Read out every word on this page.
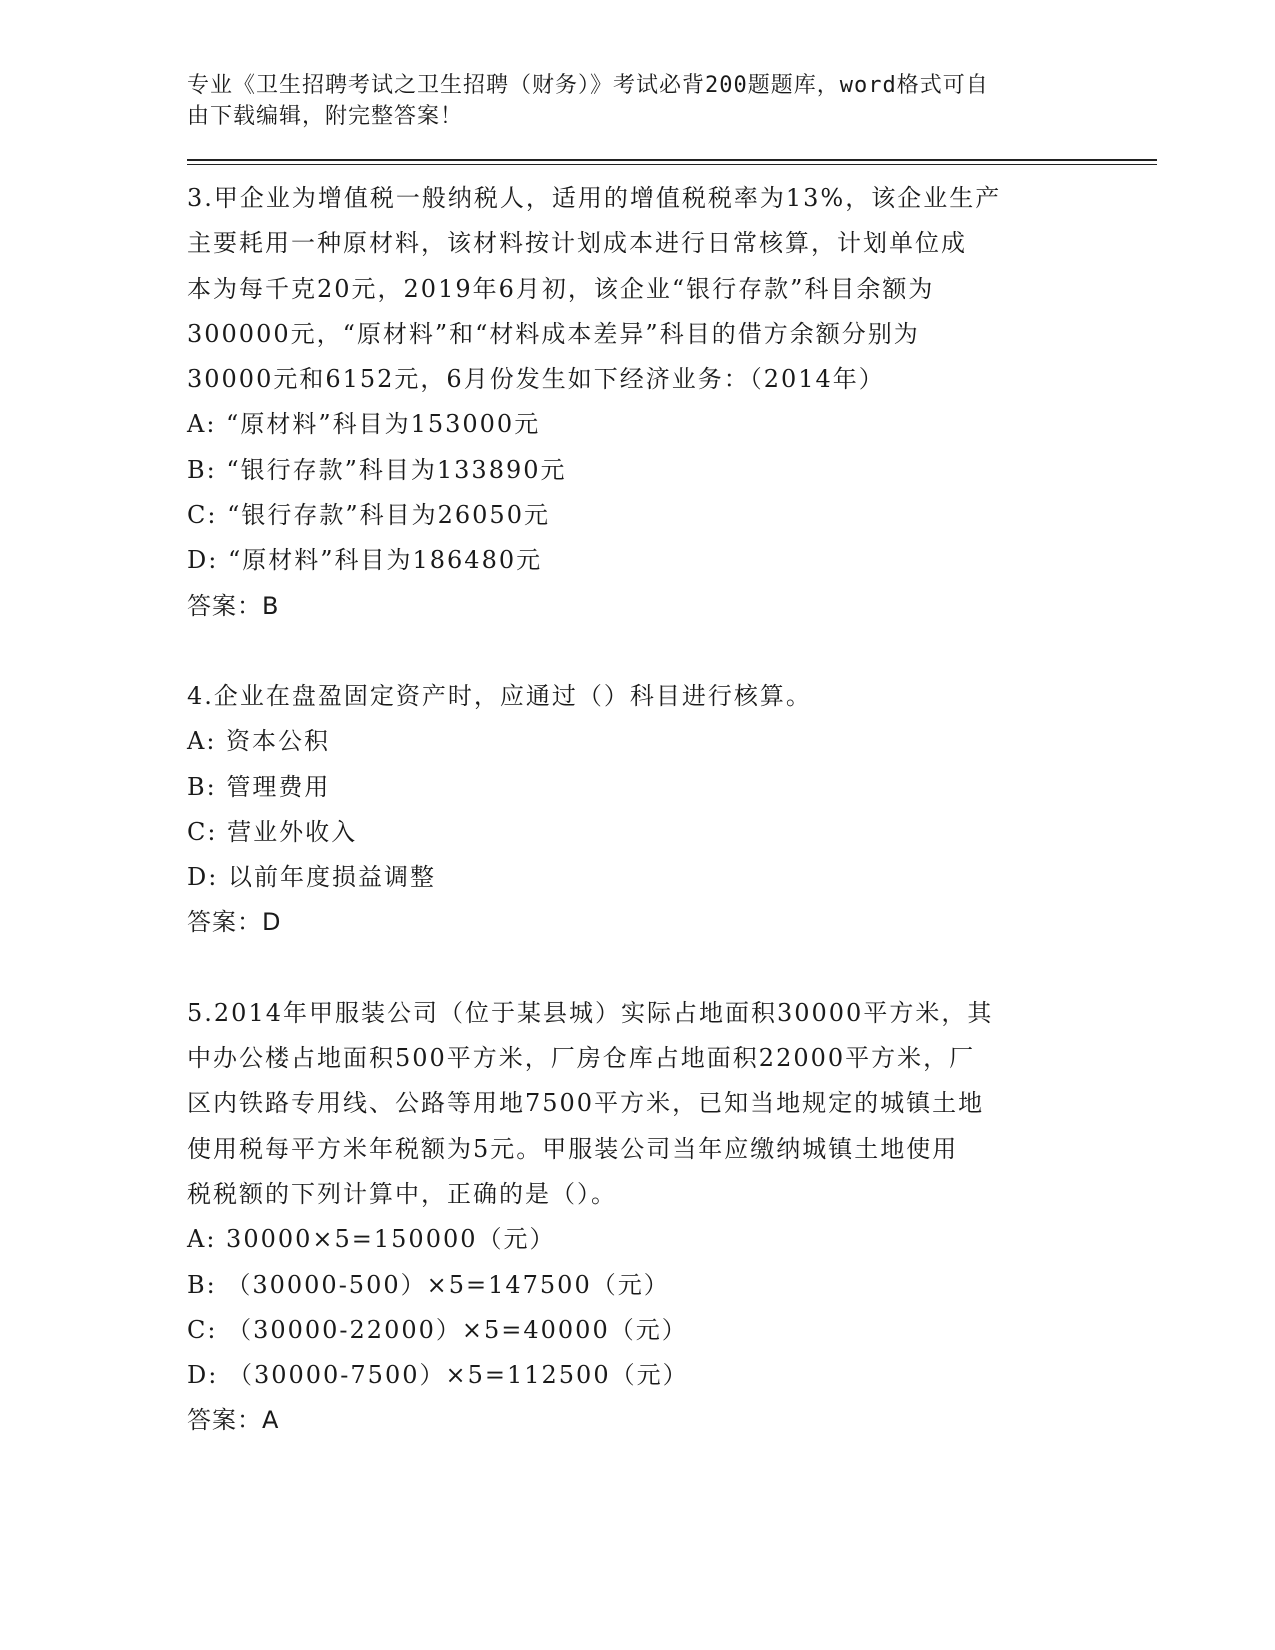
专业《卫生招聘考试之卫生招聘（财务）》考试必背200题题库，word格式可自
由下载编辑，附完整答案！
3.甲企业为增值税一般纳税人，适用的增值税税率为13%，该企业生产
主要耗用一种原材料，该材料按计划成本进行日常核算，计划单位成
本为每千克20元，2019年6月初，该企业“银行存款”科目余额为
300000元，“原材料”和“材料成本差异”科目的借方余额分别为
30000元和6152元，6月份发生如下经济业务：（2014年）
A: “原材料”科目为153000元
B: “银行存款”科目为133890元
C: “银行存款”科目为26050元
D: “原材料”科目为186480元
答案：B
4.企业在盘盈固定资产时，应通过（）科目进行核算。
A: 资本公积
B: 管理费用
C: 营业外收入
D: 以前年度损益调整
答案：D
5.2014年甲服装公司（位于某县城）实际占地面积30000平方米，其
中办公楼占地面积500平方米，厂房仓库占地面积22000平方米，厂
区内铁路专用线、公路等用地7500平方米，已知当地规定的城镇土地
使用税每平方米年税额为5元。甲服装公司当年应缴纳城镇土地使用
税税额的下列计算中，正确的是（）。
A: 30000×5=150000（元）
B: （30000-500）×5=147500（元）
C: （30000-22000）×5=40000（元）
D: （30000-7500）×5=112500（元）
答案：A
